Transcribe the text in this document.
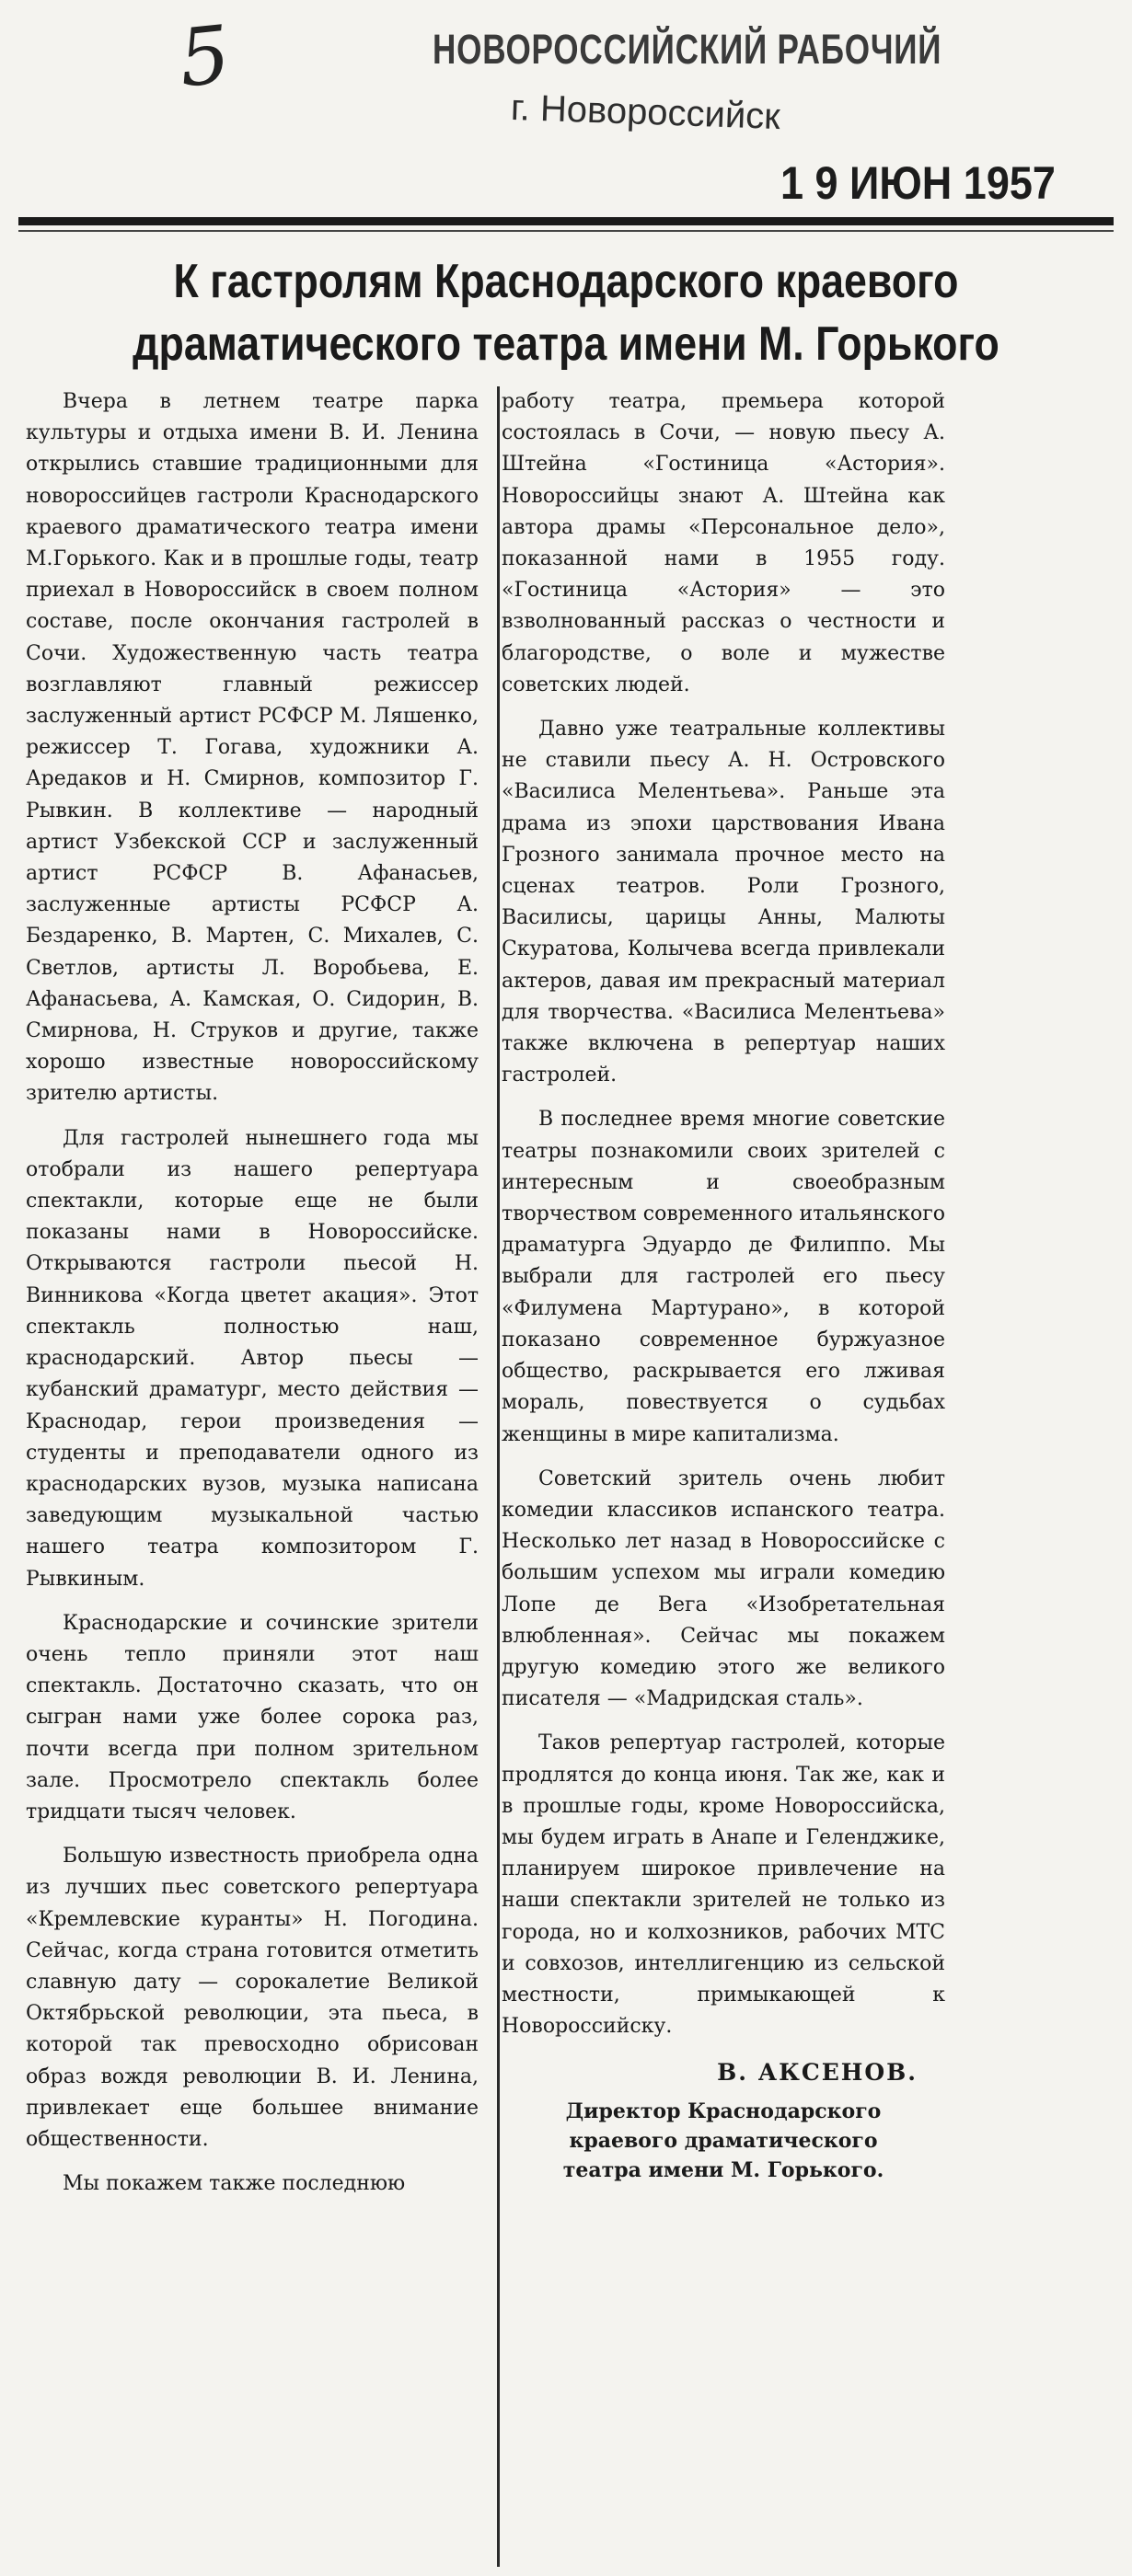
5	НОВОРОССИЙСКИЙ РАБОЧИЙ
г. Новороссийск
1 9 ИЮН 1957
К гастролям Краснодарского краевого
драматического театра имени М. Горького

Вчера в летнем театре парка культуры и отдыха имени В. И. Ленина открылись ставшие традиционными для новороссийцев гастроли Краснодарского краевого драматического театра имени М.Горького. Как и в прошлые годы, театр приехал в Новороссийск в своем полном составе, после окончания гастролей в Сочи. Художественную часть театра возглавляют главный режиссер заслуженный артист РСФСР М. Ляшенко, режиссер Т. Гогава, художники А. Аредаков и Н. Смирнов, композитор Г. Рывкин. В коллективе — народный артист Узбекской ССР и заслуженный артист РСФСР В. Афанасьев, заслуженные артисты РСФСР А. Бездаренко, В. Мартен, С. Михалев, С. Светлов, артисты Л. Воробьева, Е. Афанасьева, А. Камская, О. Сидорин, В. Смирнова, Н. Струков и другие, также хорошо известные новороссийскому зрителю артисты.

Для гастролей нынешнего года мы отобрали из нашего репертуара спектакли, которые еще не были показаны нами в Новороссийске. Открываются гастроли пьесой Н. Винникова «Когда цветет акация». Этот спектакль полностью наш, краснодарский. Автор пьесы — кубанский драматург, место действия — Краснодар, герои произведения — студенты и преподаватели одного из краснодарских вузов, музыка написана заведующим музыкальной частью нашего театра композитором Г. Рывкиным.

Краснодарские и сочинские зрители очень тепло приняли этот наш спектакль. Достаточно сказать, что он сыгран нами уже более сорока раз, почти всегда при полном зрительном зале. Просмотрело спектакль более тридцати тысяч человек.

Большую известность приобрела одна из лучших пьес советского репертуара «Кремлевские куранты» Н. Погодина. Сейчас, когда страна готовится отметить славную дату — сорокалетие Великой Октябрьской революции, эта пьеса, в которой так превосходно обрисован образ вождя революции В. И. Ленина, привлекает еще большее внимание общественности.

Мы покажем также последнюю

работу театра, премьера которой состоялась в Сочи, — новую пьесу А. Штейна «Гостиница «Астория». Новороссийцы знают А. Штейна как автора драмы «Персональное дело», показанной нами в 1955 году. «Гостиница «Астория» — это взволнованный рассказ о честности и благородстве, о воле и мужестве советских людей.

Давно уже театральные коллективы не ставили пьесу А. Н. Островского «Василиса Мелентьева». Раньше эта драма из эпохи царствования Ивана Грозного занимала прочное место на сценах театров. Роли Грозного, Василисы, царицы Анны, Малюты Скуратова, Колычева всегда привлекали актеров, давая им прекрасный материал для творчества. «Василиса Мелентьева» также включена в репертуар наших гастролей.

В последнее время многие советские театры познакомили своих зрителей с интересным и своеобразным творчеством современного итальянского драматурга Эдуардо де Филиппо. Мы выбрали для гастролей его пьесу «Филумена Мартурано», в которой показано современное буржуазное общество, раскрывается его лживая мораль, повествуется о судьбах женщины в мире капитализма.

Советский зритель очень любит комедии классиков испанского театра. Несколько лет назад в Новороссийске с большим успехом мы играли комедию Лопе де Вега «Изобретательная влюбленная». Сейчас мы покажем другую комедию этого же великого писателя — «Мадридская сталь».

Таков репертуар гастролей, которые продлятся до конца июня. Так же, как и в прошлые годы, кроме Новороссийска, мы будем играть в Анапе и Геленджике, планируем широкое привлечение на наши спектакли зрителей не только из города, но и колхозников, рабочих МТС и совхозов, интеллигенцию из сельской местности, примыкающей к Новороссийску.

В. АКСЕНОВ.
Директор Краснодарского
краевого драматического
театра имени М. Горького.
